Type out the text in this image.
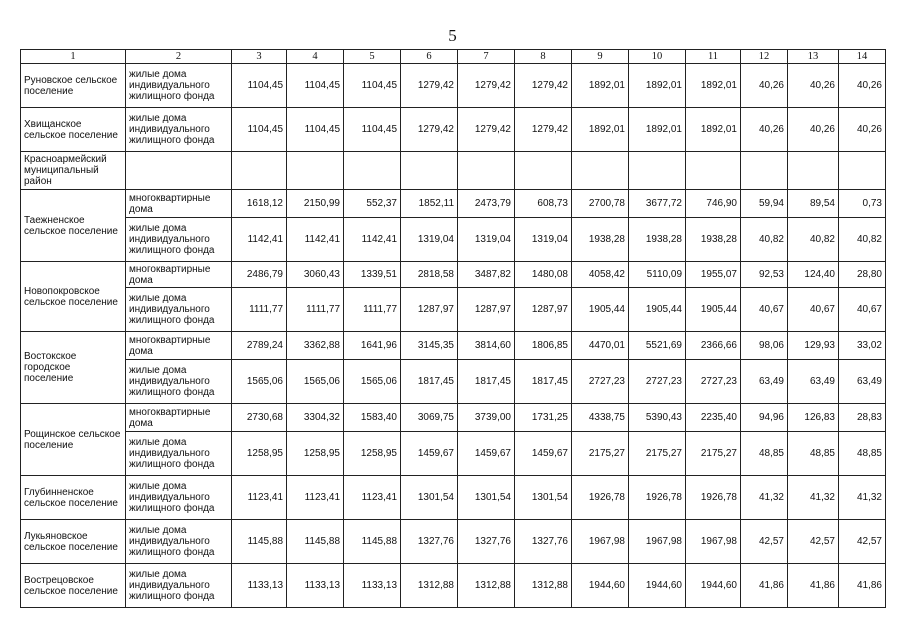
5
1	2	3	4	5	6	7	8	9	10	11	12	13	14
Руновское сельское поселение	жилые дома индивидуального жилищного фонда	1104,45	1104,45	1104,45	1279,42	1279,42	1279,42	1892,01	1892,01	1892,01	40,26	40,26	40,26
Хвищанское сельское поселение	жилые дома индивидуального жилищного фонда	1104,45	1104,45	1104,45	1279,42	1279,42	1279,42	1892,01	1892,01	1892,01	40,26	40,26	40,26
Красноармейский муниципальный район													
Таежненское сельское поселение	многоквартирные дома	1618,12	2150,99	552,37	1852,11	2473,79	608,73	2700,78	3677,72	746,90	59,94	89,54	0,73
	жилые дома индивидуального жилищного фонда	1142,41	1142,41	1142,41	1319,04	1319,04	1319,04	1938,28	1938,28	1938,28	40,82	40,82	40,82
Новопокровское сельское поселение	многоквартирные дома	2486,79	3060,43	1339,51	2818,58	3487,82	1480,08	4058,42	5110,09	1955,07	92,53	124,40	28,80
	жилые дома индивидуального жилищного фонда	1111,77	1111,77	1111,77	1287,97	1287,97	1287,97	1905,44	1905,44	1905,44	40,67	40,67	40,67
Востокское городское поселение	многоквартирные дома	2789,24	3362,88	1641,96	3145,35	3814,60	1806,85	4470,01	5521,69	2366,66	98,06	129,93	33,02
	жилые дома индивидуального жилищного фонда	1565,06	1565,06	1565,06	1817,45	1817,45	1817,45	2727,23	2727,23	2727,23	63,49	63,49	63,49
Рощинское сельское поселение	многоквартирные дома	2730,68	3304,32	1583,40	3069,75	3739,00	1731,25	4338,75	5390,43	2235,40	94,96	126,83	28,83
	жилые дома индивидуального жилищного фонда	1258,95	1258,95	1258,95	1459,67	1459,67	1459,67	2175,27	2175,27	2175,27	48,85	48,85	48,85
Глубинненское сельское поселение	жилые дома индивидуального жилищного фонда	1123,41	1123,41	1123,41	1301,54	1301,54	1301,54	1926,78	1926,78	1926,78	41,32	41,32	41,32
Лукьяновское сельское поселение	жилые дома индивидуального жилищного фонда	1145,88	1145,88	1145,88	1327,76	1327,76	1327,76	1967,98	1967,98	1967,98	42,57	42,57	42,57
Вострецовское сельское поселение	жилые дома индивидуального жилищного фонда	1133,13	1133,13	1133,13	1312,88	1312,88	1312,88	1944,60	1944,60	1944,60	41,86	41,86	41,86
